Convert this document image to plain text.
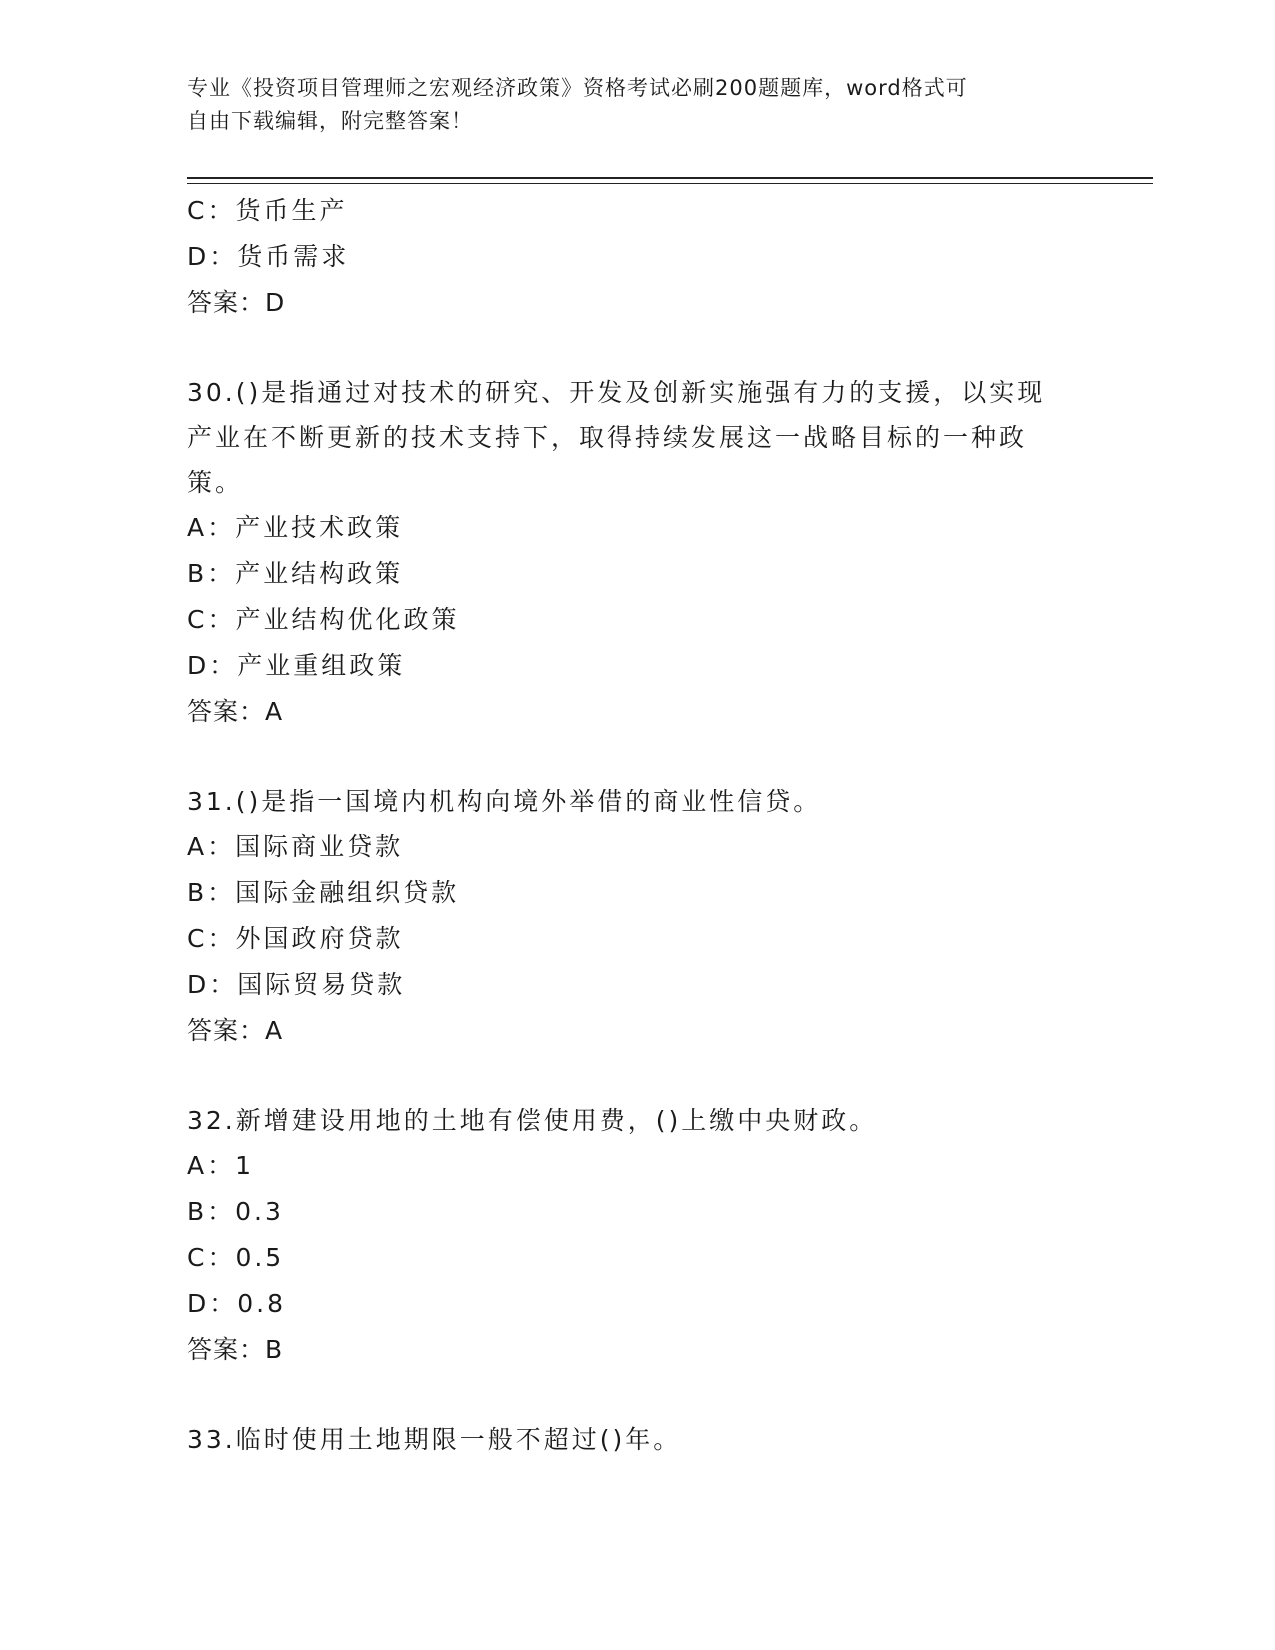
专业《投资项目管理师之宏观经济政策》资格考试必刷200题题库，word格式可
自由下载编辑，附完整答案！
C：货币生产
D：货币需求
答案：D
30.()是指通过对技术的研究、开发及创新实施强有力的支援，以实现
产业在不断更新的技术支持下，取得持续发展这一战略目标的一种政
策。
A：产业技术政策
B：产业结构政策
C：产业结构优化政策
D：产业重组政策
答案：A
31.()是指一国境内机构向境外举借的商业性信贷。
A：国际商业贷款
B：国际金融组织贷款
C：外国政府贷款
D：国际贸易贷款
答案：A
32.新增建设用地的土地有偿使用费，()上缴中央财政。
A：1
B：0.3
C：0.5
D：0.8
答案：B
33.临时使用土地期限一般不超过()年。
